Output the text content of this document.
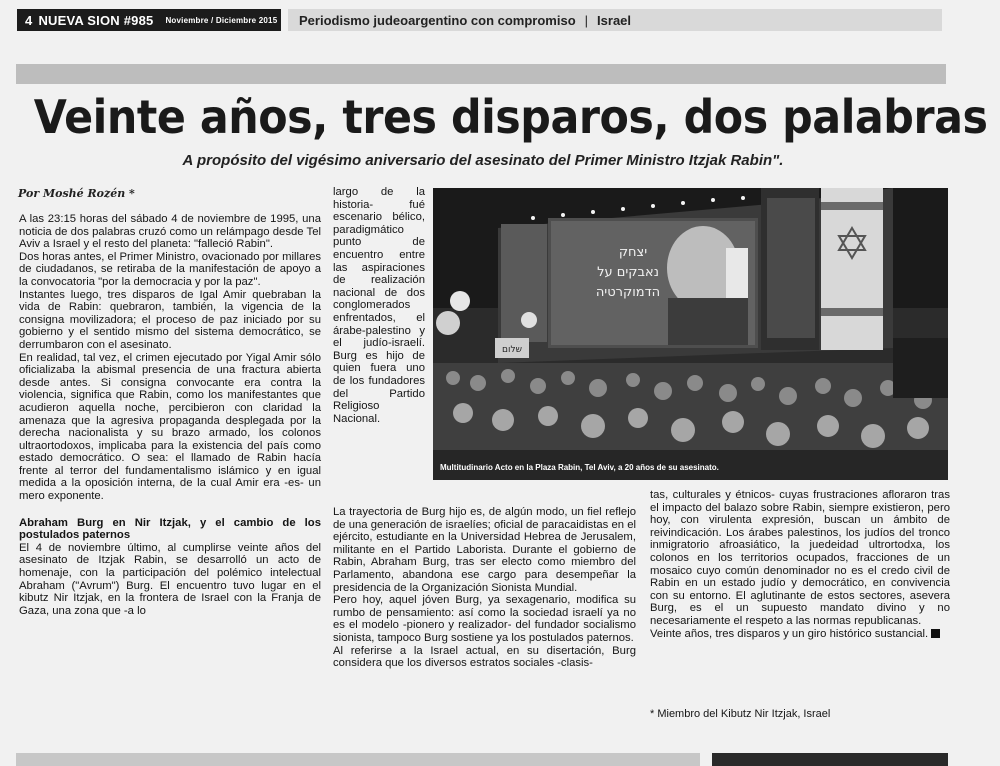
4 NUEVA SION #985 Noviembre / Diciembre 2015 Periodismo judeoargentino con compromiso | Israel
Veinte años, tres disparos, dos palabras
A propósito del vigésimo aniversario del asesinato del Primer Ministro Itzjak Rabin".
Por Moshé Rozén *

A las 23:15 horas del sábado 4 de noviembre de 1995, una noticia de dos palabras cruzó como un relámpago desde Tel Aviv a Israel y el resto del planeta: "falleció Rabin".

Dos horas antes, el Primer Ministro, ovacionado por millares de ciudadanos, se retiraba de la manifestación de apoyo a la convocatoria "por la democracia y por la paz".

Instantes luego, tres disparos de Igal Amir quebraban la vida de Rabin: quebraron, también, la vigencia de la consigna movilizadora; el proceso de paz iniciado por su gobierno y el sentido mismo del sistema democrático, se derrumbaron con el asesinato.

En realidad, tal vez, el crimen ejecutado por Yigal Amir sólo oficializaba la abismal presencia de una fractura abierta desde antes. Si consigna convocante era contra la violencia, significa que Rabin, como los manifestantes que acudieron aquella noche, percibieron con claridad la amenaza que la agresiva propaganda desplegada por la derecha nacionalista y su brazo armado, los colonos ultraortodoxos, implicaba para la existencia del país como estado democrático. O sea: el llamado de Rabin hacía frente al terror del fundamentalismo islámico y en igual medida a la oposición interna, de la cual Amir era -es- un mero exponente.

Abraham Burg en Nir Itzjak, y el cambio de los postulados paternos

El 4 de noviembre último, al cumplirse veinte años del asesinato de Itzjak Rabin, se desarrolló un acto de homenaje, con la participación del polémico intelectual Abraham ("Avrum") Burg. El encuentro tuvo lugar en el kibutz Nir Itzjak, en la frontera de Israel con la Franja de Gaza, una zona que -a lo

largo de la historia- fué escenario bélico, paradigmático punto de encuentro entre las aspiraciones de realización nacional de dos conglomerados enfrentados, el árabe-palestino y el judío-israelí.

Burg es hijo de quien fuera uno de los fundadores del Partido Religioso Nacional.

יצחק
נאבקים על
הדמוקרטיה
שלום
Multitudinario Acto en la Plaza Rabin, Tel Aviv, a 20 años de su asesinato.

La trayectoria de Burg hijo es, de algún modo, un fiel reflejo de una generación de israelíes; oficial de paracaidistas en el ejército, estudiante en la Universidad Hebrea de Jerusalem, militante en el Partido Laborista. Durante el gobierno de Rabin, Abraham Burg, tras ser electo como miembro del Parlamento, abandona ese cargo para desempeñar la presidencia de la Organización Sionista Mundial.

Pero hoy, aquel jóven Burg, ya sexagenario, modifica su rumbo de pensamiento: así como la sociedad israelí ya no es el modelo -pionero y realizador- del fundador socialismo sionista, tampoco Burg sostiene ya los postulados paternos.

Al referirse a la Israel actual, en su disertación, Burg considera que los diversos estratos sociales -clasis-

tas, culturales y étnicos- cuyas frustraciones afloraron tras el impacto del balazo sobre Rabin, siempre existieron, pero hoy, con virulenta expresión, buscan un ámbito de reivindicación. Los árabes palestinos, los judíos del tronco inmigratorio afroasiático, la juedeidad ultrortodxa, los colonos en los territorios ocupados, fracciones de un mosaico cuyo común denominador no es el credo civil de Rabin en un estado judío y democrático, en convivencia con su entorno. El aglutinante de estos sectores, asevera Burg, es el un supuesto mandato divino y no necesariamente el respeto a las normas republicanas.

Veinte años, tres disparos y un giro histórico sustancial.

* Miembro del Kibutz Nir Itzjak, Israel
